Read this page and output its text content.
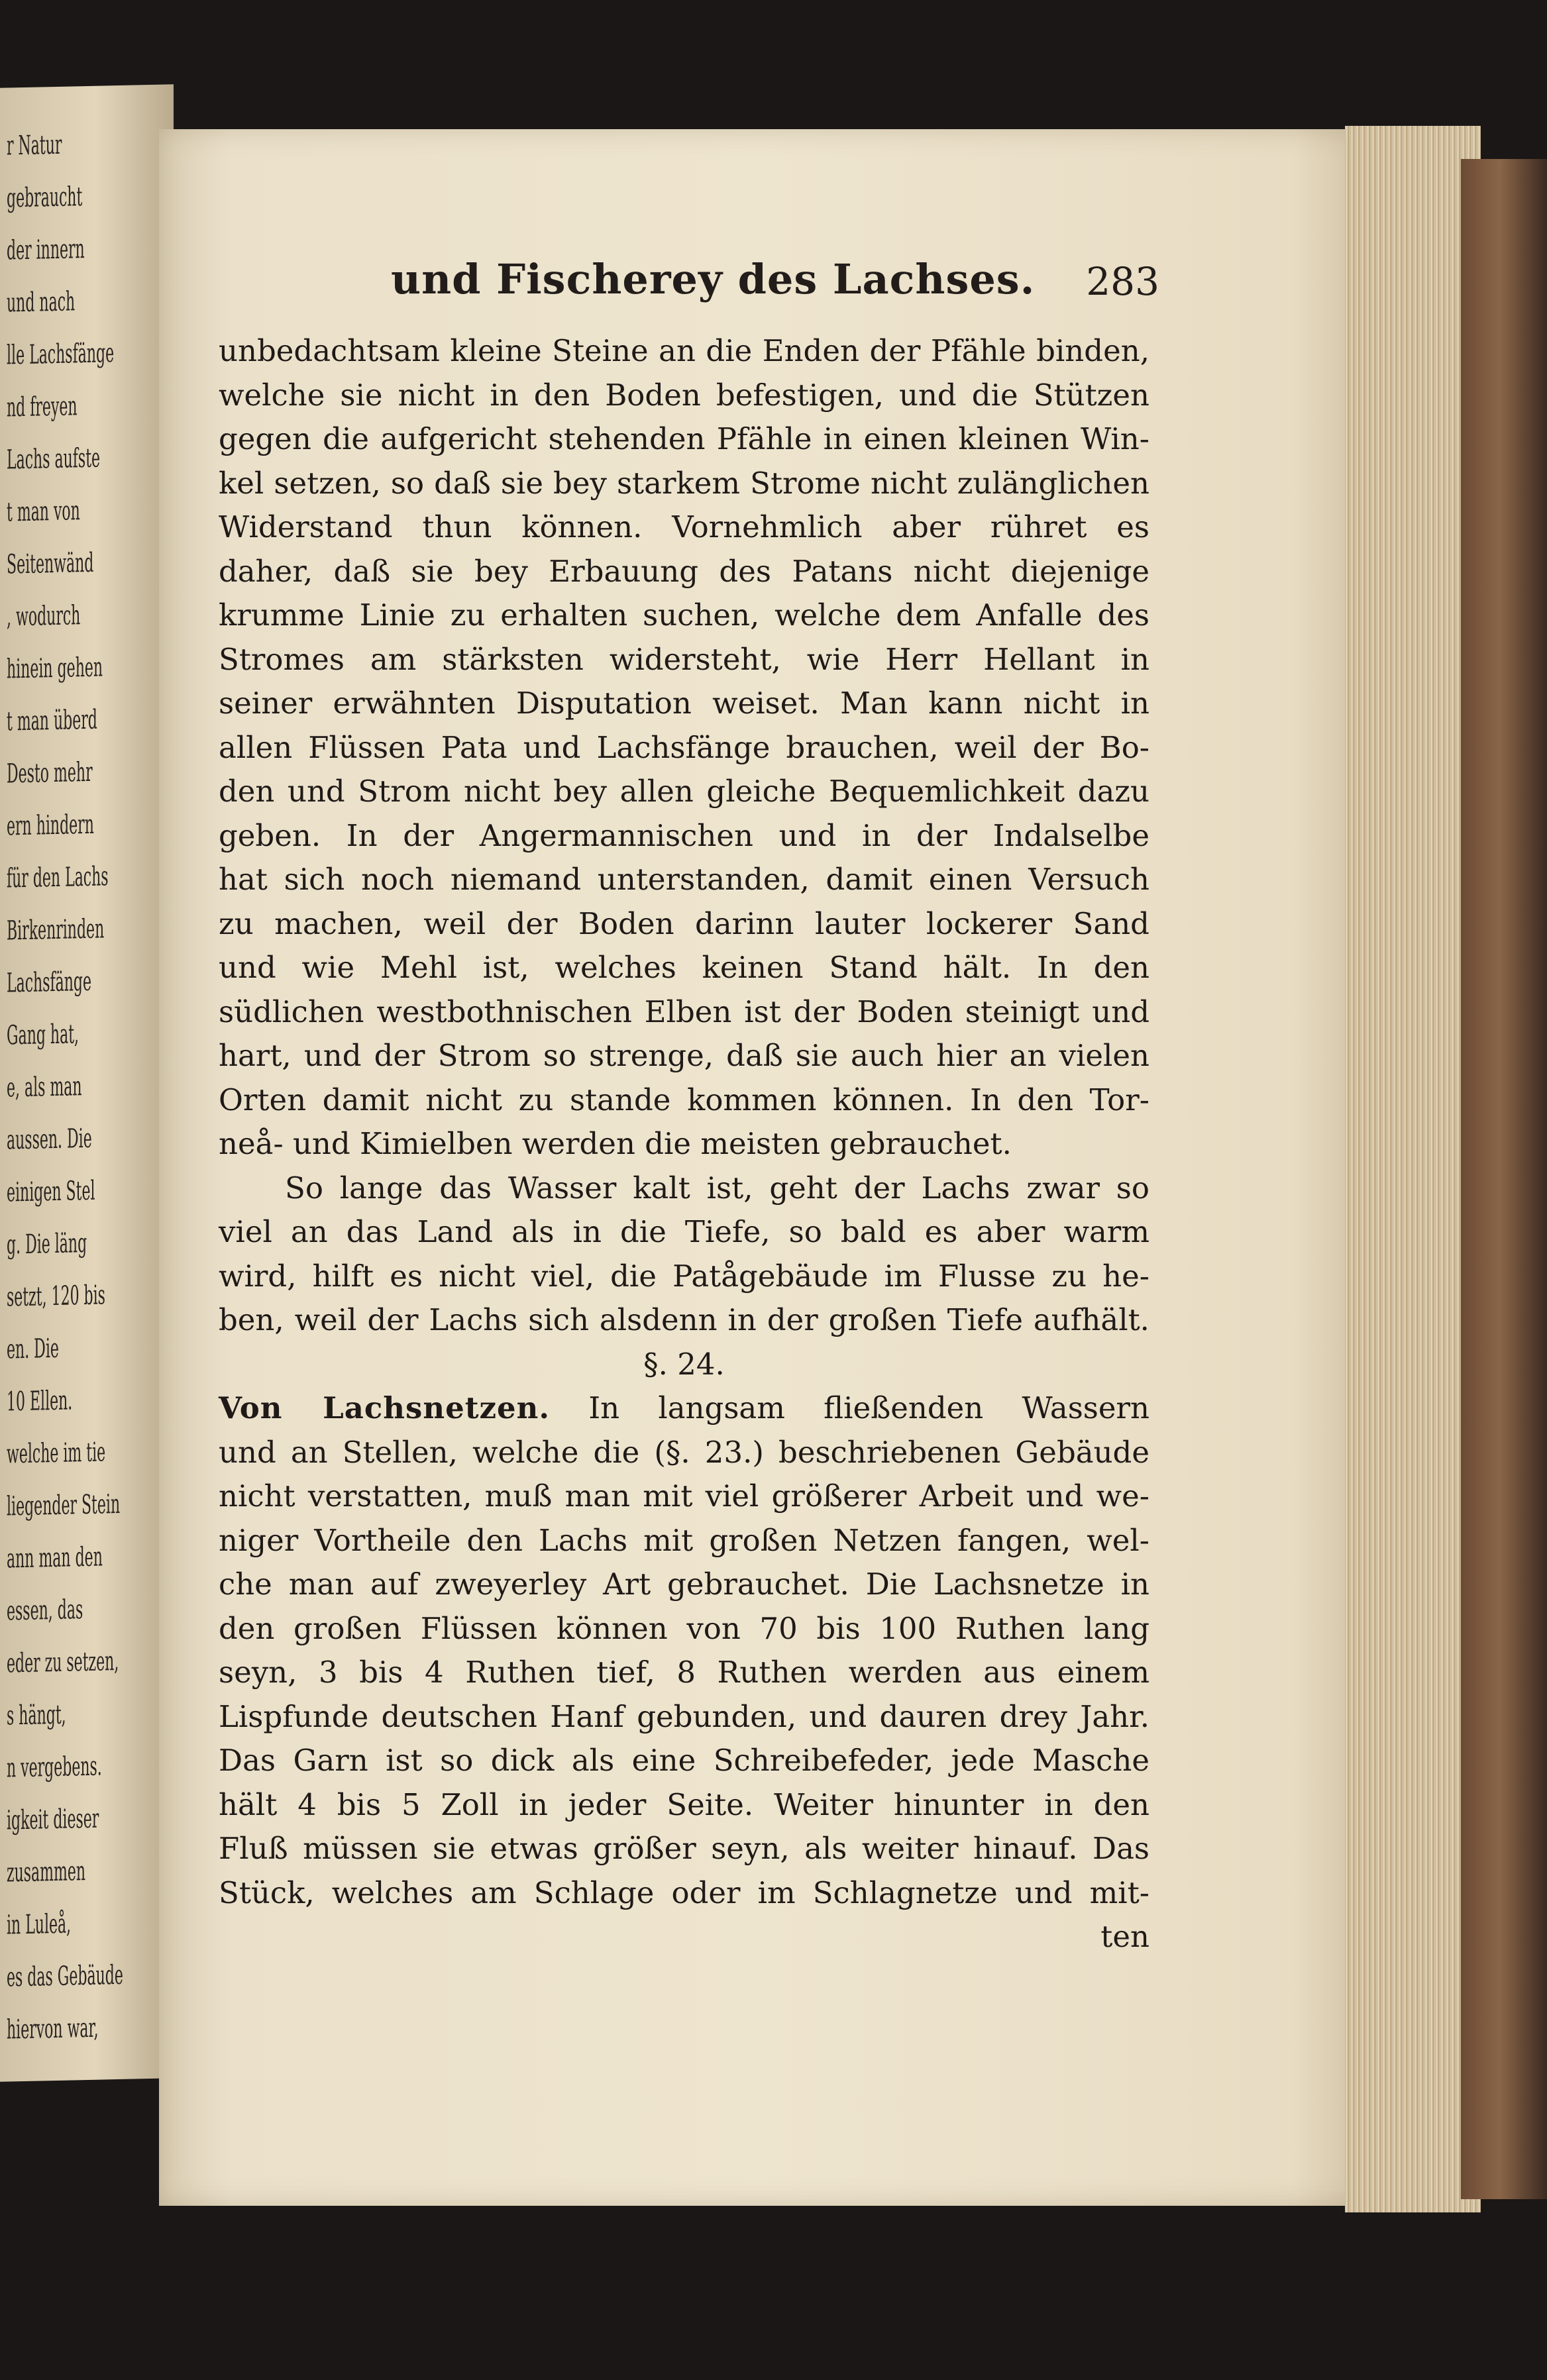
r Natur
gebraucht
der innern
und nach
lle Lachsfänge
nd freyen
Lachs aufste
t man von
Seitenwänd
, wodurch
hinein gehen
t man überd
Desto mehr
ern hindern
für den Lachs
Birkenrinden
Lachsfänge
Gang hat,
e, als man
aussen. Die
einigen Stel
g. Die läng
setzt, 120 bis
en. Die
10 Ellen.
welche im tie
liegender Stein
ann man den
essen, das
eder zu setzen,
s hängt,
n vergebens.
igkeit dieser
zusammen
in Luleå,
es das Gebäude
hiervon war,
und Fischerey des Lachses. 283
unbedachtsam kleine Steine an die Enden der Pfähle binden,
welche sie nicht in den Boden befestigen, und die Stützen
gegen die aufgericht stehenden Pfähle in einen kleinen Win-
kel setzen, so daß sie bey starkem Strome nicht zulänglichen
Widerstand thun können. Vornehmlich aber rühret es
daher, daß sie bey Erbauung des Patans nicht diejenige
krumme Linie zu erhalten suchen, welche dem Anfalle des
Stromes am stärksten widersteht, wie Herr Hellant in
seiner erwähnten Disputation weiset. Man kann nicht in
allen Flüssen Pata und Lachsfänge brauchen, weil der Bo-
den und Strom nicht bey allen gleiche Bequemlichkeit dazu
geben. In der Angermannischen und in der Indalselbe
hat sich noch niemand unterstanden, damit einen Versuch
zu machen, weil der Boden darinn lauter lockerer Sand
und wie Mehl ist, welches keinen Stand hält. In den
südlichen westbothnischen Elben ist der Boden steinigt und
hart, und der Strom so strenge, daß sie auch hier an vielen
Orten damit nicht zu stande kommen können. In den Tor-
neå- und Kimielben werden die meisten gebrauchet.
So lange das Wasser kalt ist, geht der Lachs zwar so
viel an das Land als in die Tiefe, so bald es aber warm
wird, hilft es nicht viel, die Patågebäude im Flusse zu he-
ben, weil der Lachs sich alsdenn in der großen Tiefe aufhält.
§. 24.
Von Lachsnetzen. In langsam fließenden Wassern
und an Stellen, welche die (§. 23.) beschriebenen Gebäude
nicht verstatten, muß man mit viel größerer Arbeit und we-
niger Vortheile den Lachs mit großen Netzen fangen, wel-
che man auf zweyerley Art gebrauchet. Die Lachsnetze in
den großen Flüssen können von 70 bis 100 Ruthen lang
seyn, 3 bis 4 Ruthen tief, 8 Ruthen werden aus einem
Lispfunde deutschen Hanf gebunden, und dauren drey Jahr.
Das Garn ist so dick als eine Schreibefeder, jede Masche
hält 4 bis 5 Zoll in jeder Seite. Weiter hinunter in den
Fluß müssen sie etwas größer seyn, als weiter hinauf. Das
Stück, welches am Schlage oder im Schlagnetze und mit-
ten
